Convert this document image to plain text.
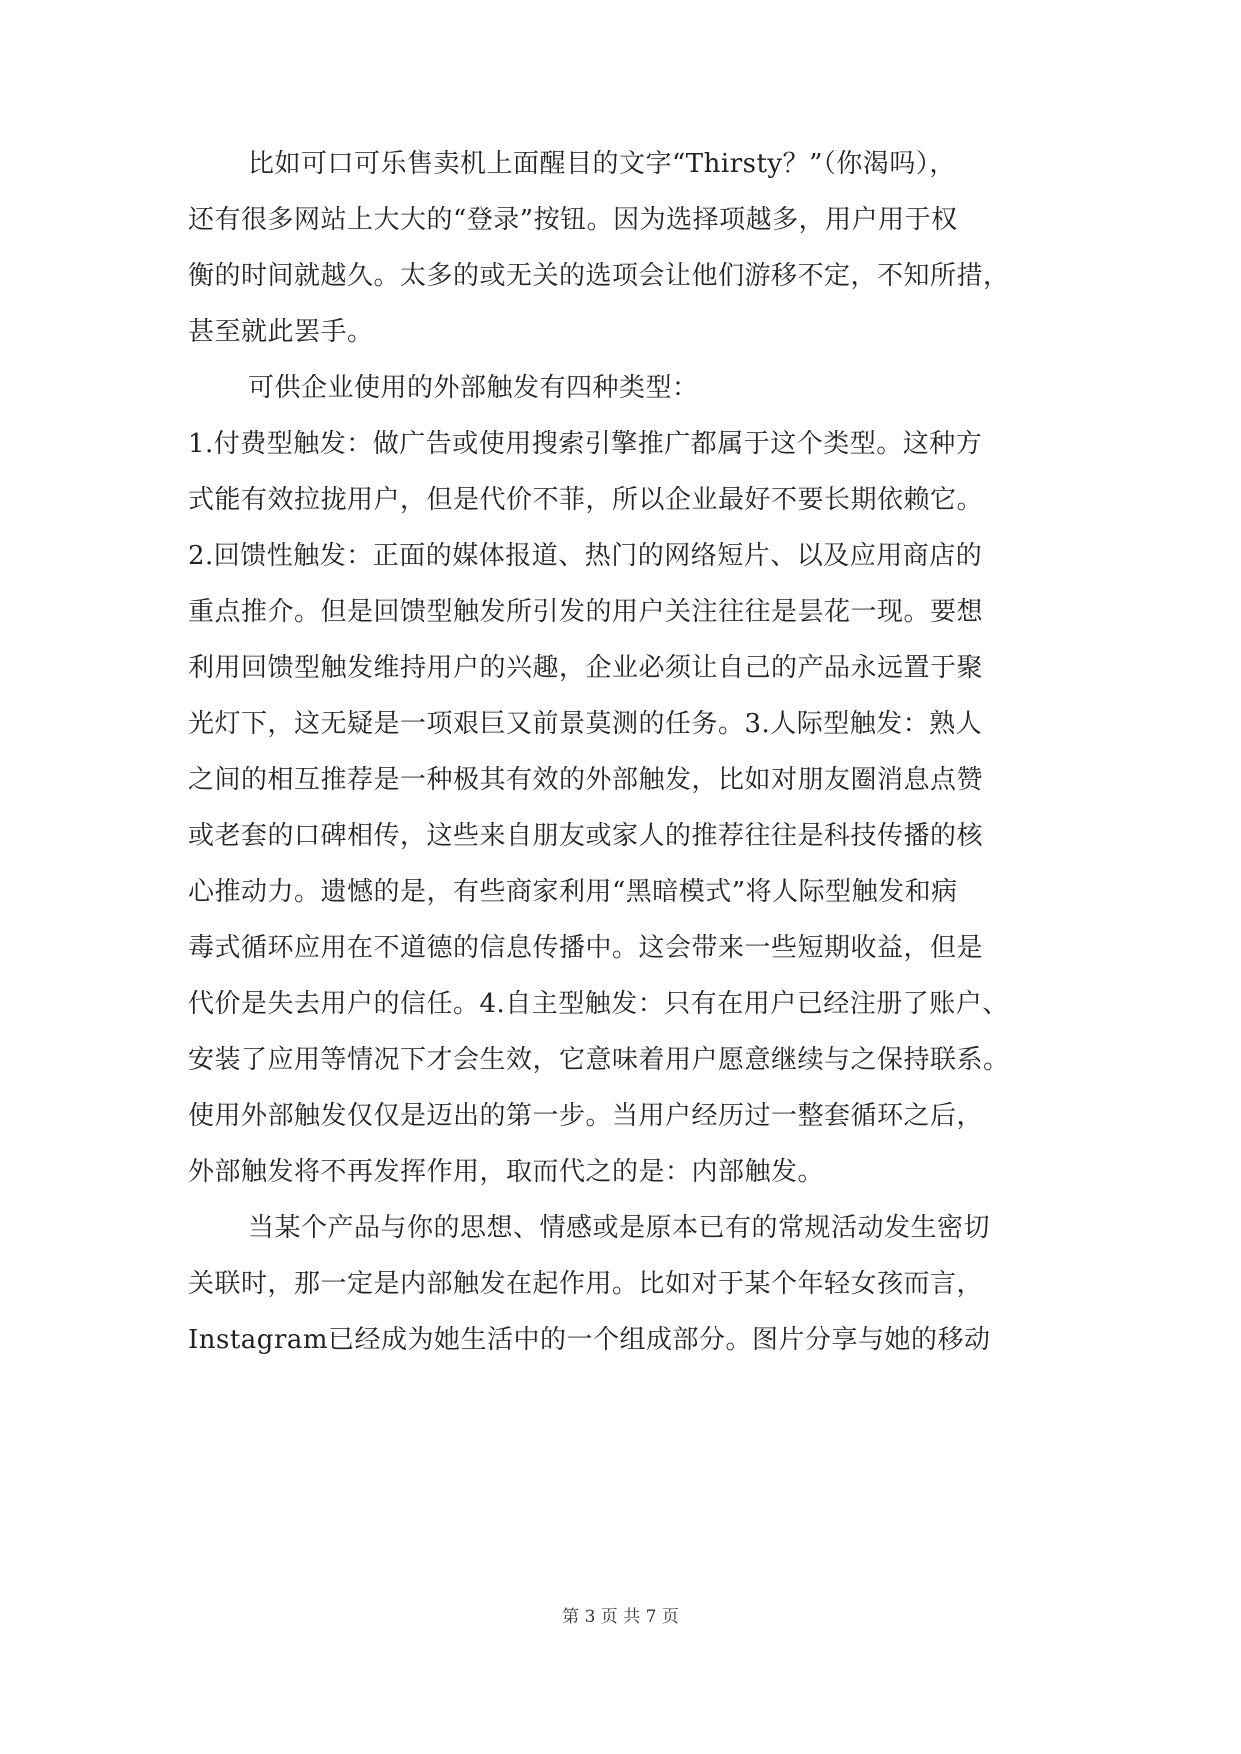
比如可口可乐售卖机上面醒目的文字“Thirsty？”（你渴吗），
还有很多网站上大大的“登录”按钮。因为选择项越多，用户用于权
衡的时间就越久。太多的或无关的选项会让他们游移不定，不知所措，
甚至就此罢手。
可供企业使用的外部触发有四种类型：
1.付费型触发：做广告或使用搜索引擎推广都属于这个类型。这种方
式能有效拉拢用户，但是代价不菲，所以企业最好不要长期依赖它。
2.回馈性触发：正面的媒体报道、热门的网络短片、以及应用商店的
重点推介。但是回馈型触发所引发的用户关注往往是昙花一现。要想
利用回馈型触发维持用户的兴趣，企业必须让自己的产品永远置于聚
光灯下，这无疑是一项艰巨又前景莫测的任务。3.人际型触发：熟人
之间的相互推荐是一种极其有效的外部触发，比如对朋友圈消息点赞
或老套的口碑相传，这些来自朋友或家人的推荐往往是科技传播的核
心推动力。遗憾的是，有些商家利用“黑暗模式”将人际型触发和病
毒式循环应用在不道德的信息传播中。这会带来一些短期收益，但是
代价是失去用户的信任。4.自主型触发：只有在用户已经注册了账户、
安装了应用等情况下才会生效，它意味着用户愿意继续与之保持联系。
使用外部触发仅仅是迈出的第一步。当用户经历过一整套循环之后，
外部触发将不再发挥作用，取而代之的是：内部触发。
当某个产品与你的思想、情感或是原本已有的常规活动发生密切
关联时，那一定是内部触发在起作用。比如对于某个年轻女孩而言，
Instagram已经成为她生活中的一个组成部分。图片分享与她的移动
第 3 页 共 7 页
